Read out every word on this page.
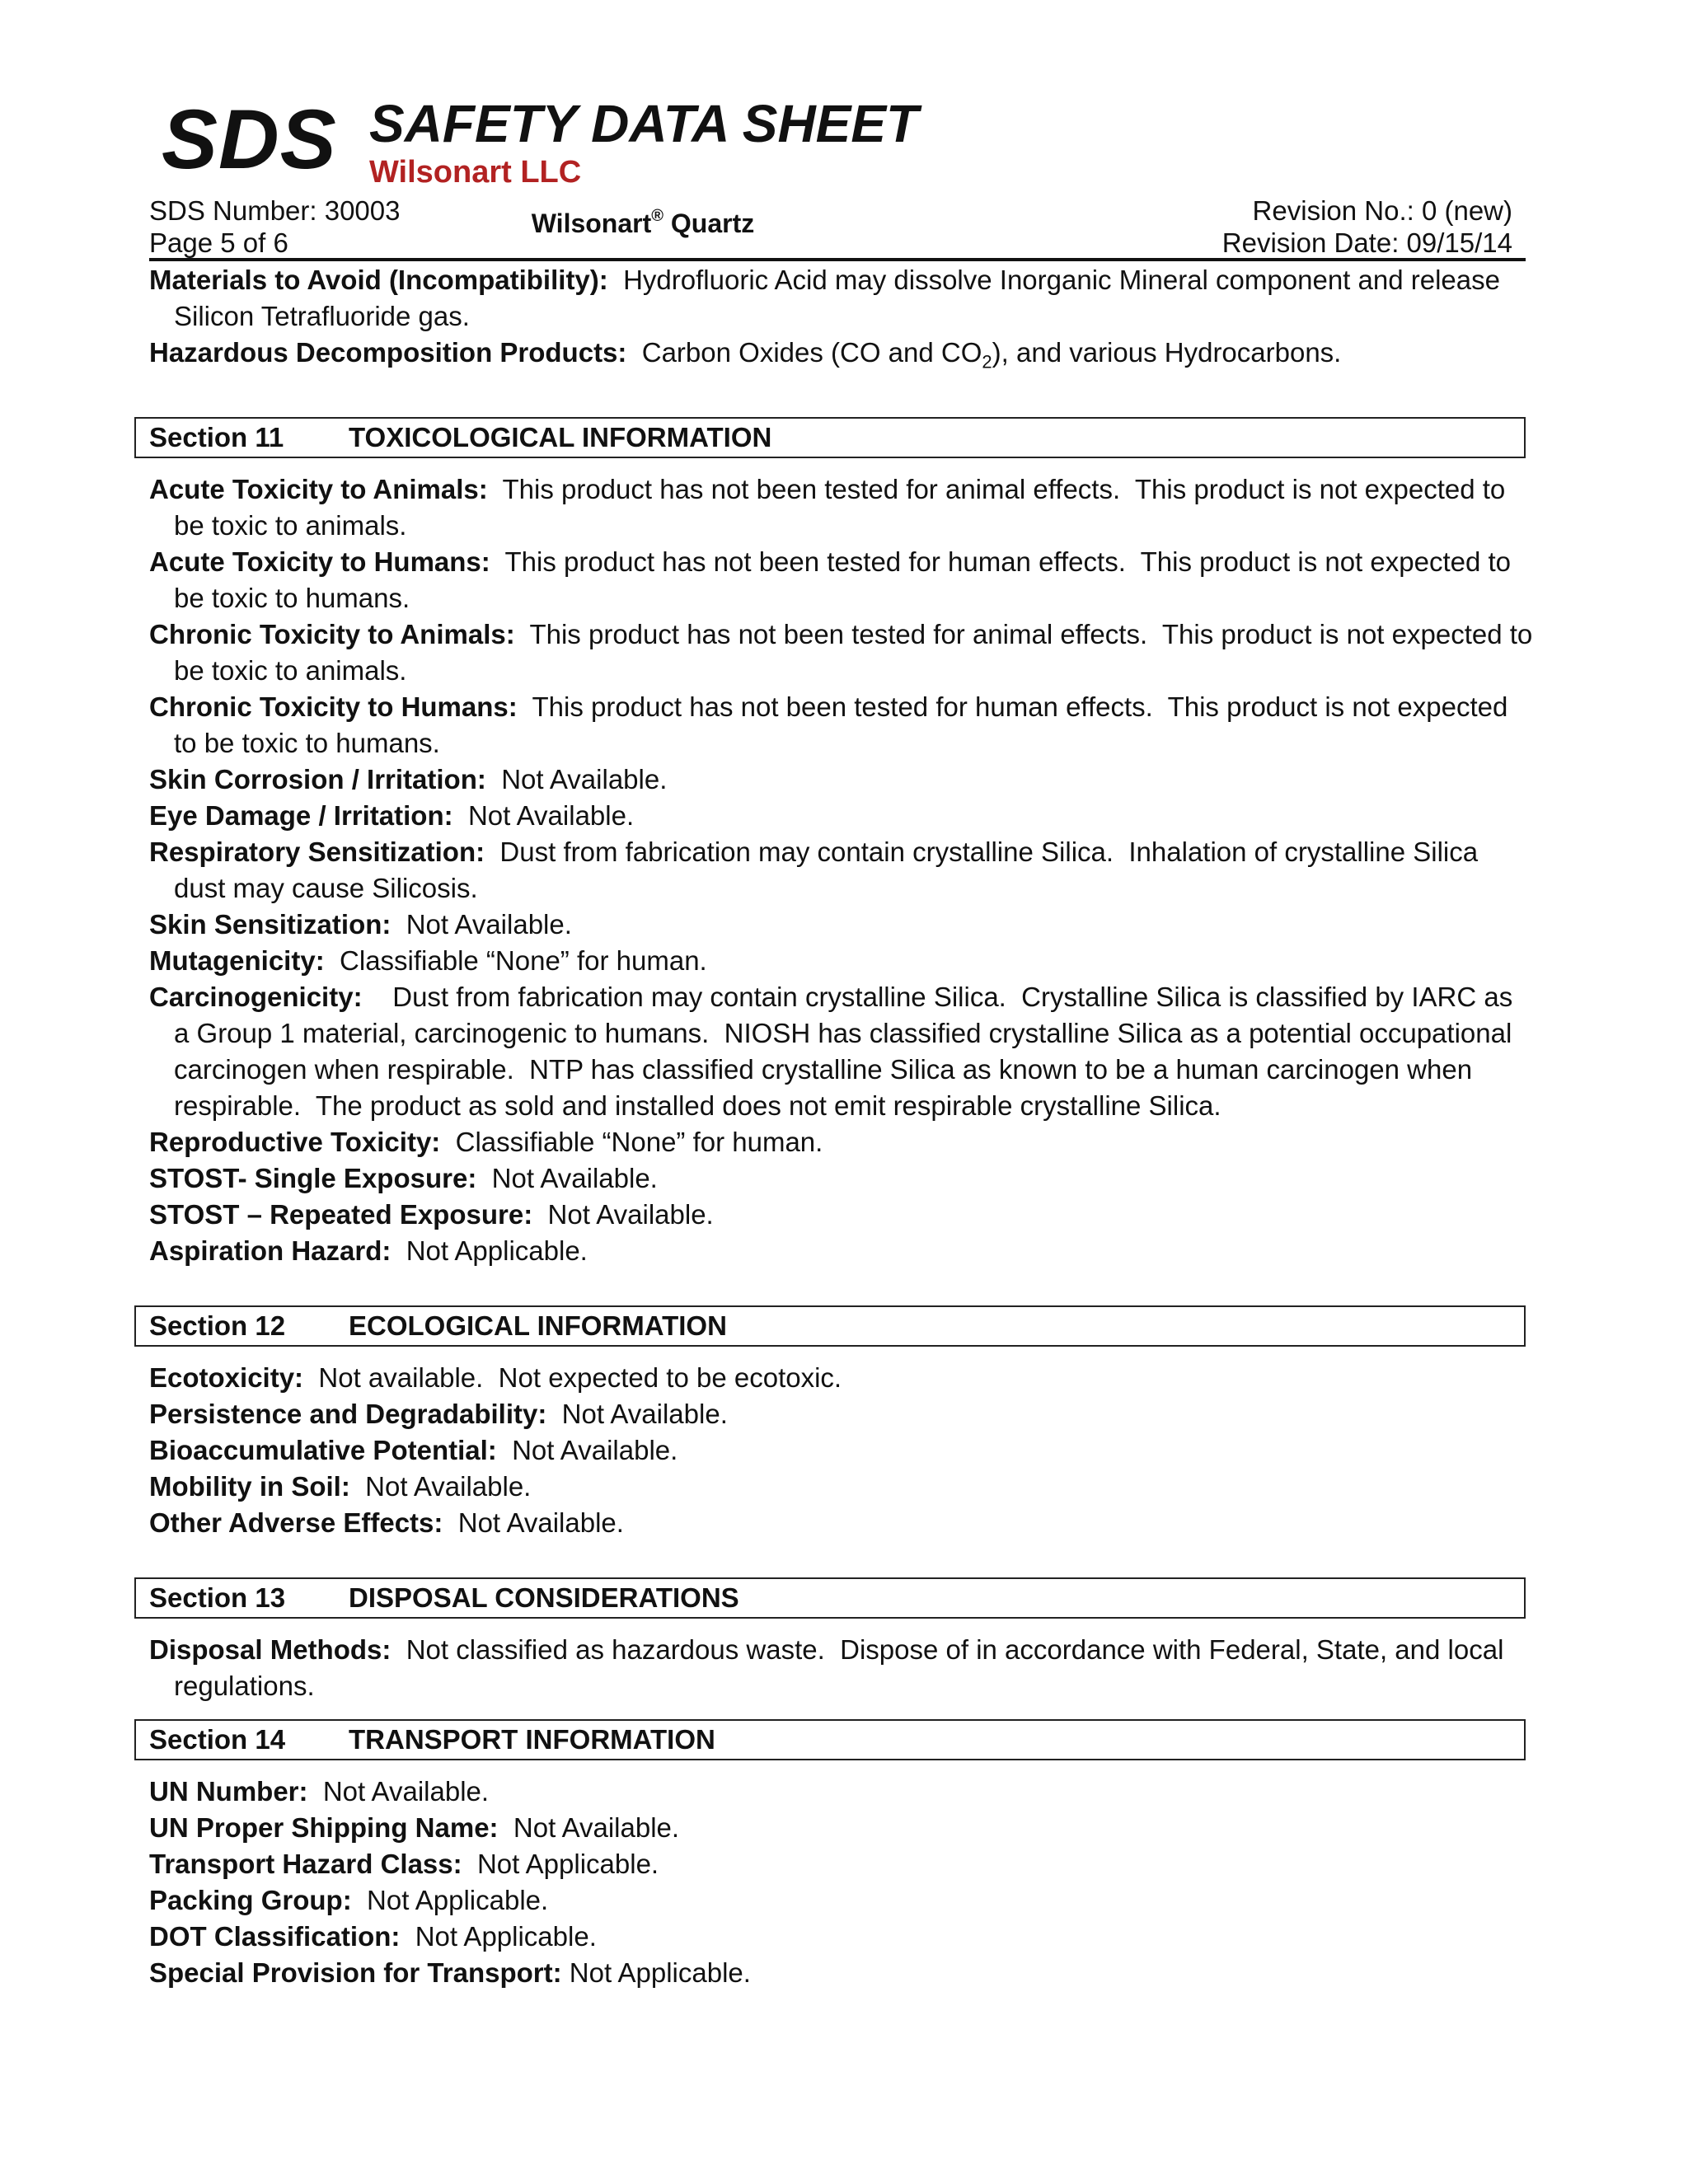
SDS SAFETY DATA SHEET
Wilsonart LLC
SDS Number: 30003
Page 5 of 6
Wilsonart® Quartz	Revision No.: 0 (new)
Revision Date: 09/15/14
Materials to Avoid (Incompatibility):  Hydrofluoric Acid may dissolve Inorganic Mineral component and release Silicon Tetrafluoride gas.
Hazardous Decomposition Products:  Carbon Oxides (CO and $CO_2$), and various Hydrocarbons.
Section 11	TOXICOLOGICAL INFORMATION
Acute Toxicity to Animals:  This product has not been tested for animal effects.  This product is not expected to be toxic to animals.
Acute Toxicity to Humans:  This product has not been tested for human effects.  This product is not expected to be toxic to humans.
Chronic Toxicity to Animals:  This product has not been tested for animal effects.  This product is not expected to be toxic to animals.
Chronic Toxicity to Humans:  This product has not been tested for human effects.  This product is not expected to be toxic to humans.
Skin Corrosion / Irritation:  Not Available.
Eye Damage / Irritation:  Not Available.
Respiratory Sensitization:  Dust from fabrication may contain crystalline Silica.  Inhalation of crystalline Silica dust may cause Silicosis.
Skin Sensitization:  Not Available.
Mutagenicity:  Classifiable “None” for human.
Carcinogenicity:    Dust from fabrication may contain crystalline Silica.  Crystalline Silica is classified by IARC as a Group 1 material, carcinogenic to humans.  NIOSH has classified crystalline Silica as a potential occupational carcinogen when respirable.  NTP has classified crystalline Silica as known to be a human carcinogen when respirable.  The product as sold and installed does not emit respirable crystalline Silica.
Reproductive Toxicity:  Classifiable “None” for human.
STOST- Single Exposure:  Not Available.
STOST – Repeated Exposure:  Not Available.
Aspiration Hazard:  Not Applicable.
Section 12	ECOLOGICAL INFORMATION
Ecotoxicity:  Not available.  Not expected to be ecotoxic.
Persistence and Degradability:  Not Available.
Bioaccumulative Potential:  Not Available.
Mobility in Soil:  Not Available.
Other Adverse Effects:  Not Available.
Section 13	DISPOSAL CONSIDERATIONS
Disposal Methods:  Not classified as hazardous waste.  Dispose of in accordance with Federal, State, and local regulations.
Section 14	TRANSPORT INFORMATION
UN Number:  Not Available.
UN Proper Shipping Name:  Not Available.
Transport Hazard Class:  Not Applicable.
Packing Group:  Not Applicable.
DOT Classification:  Not Applicable.
Special Provision for Transport: Not Applicable.
